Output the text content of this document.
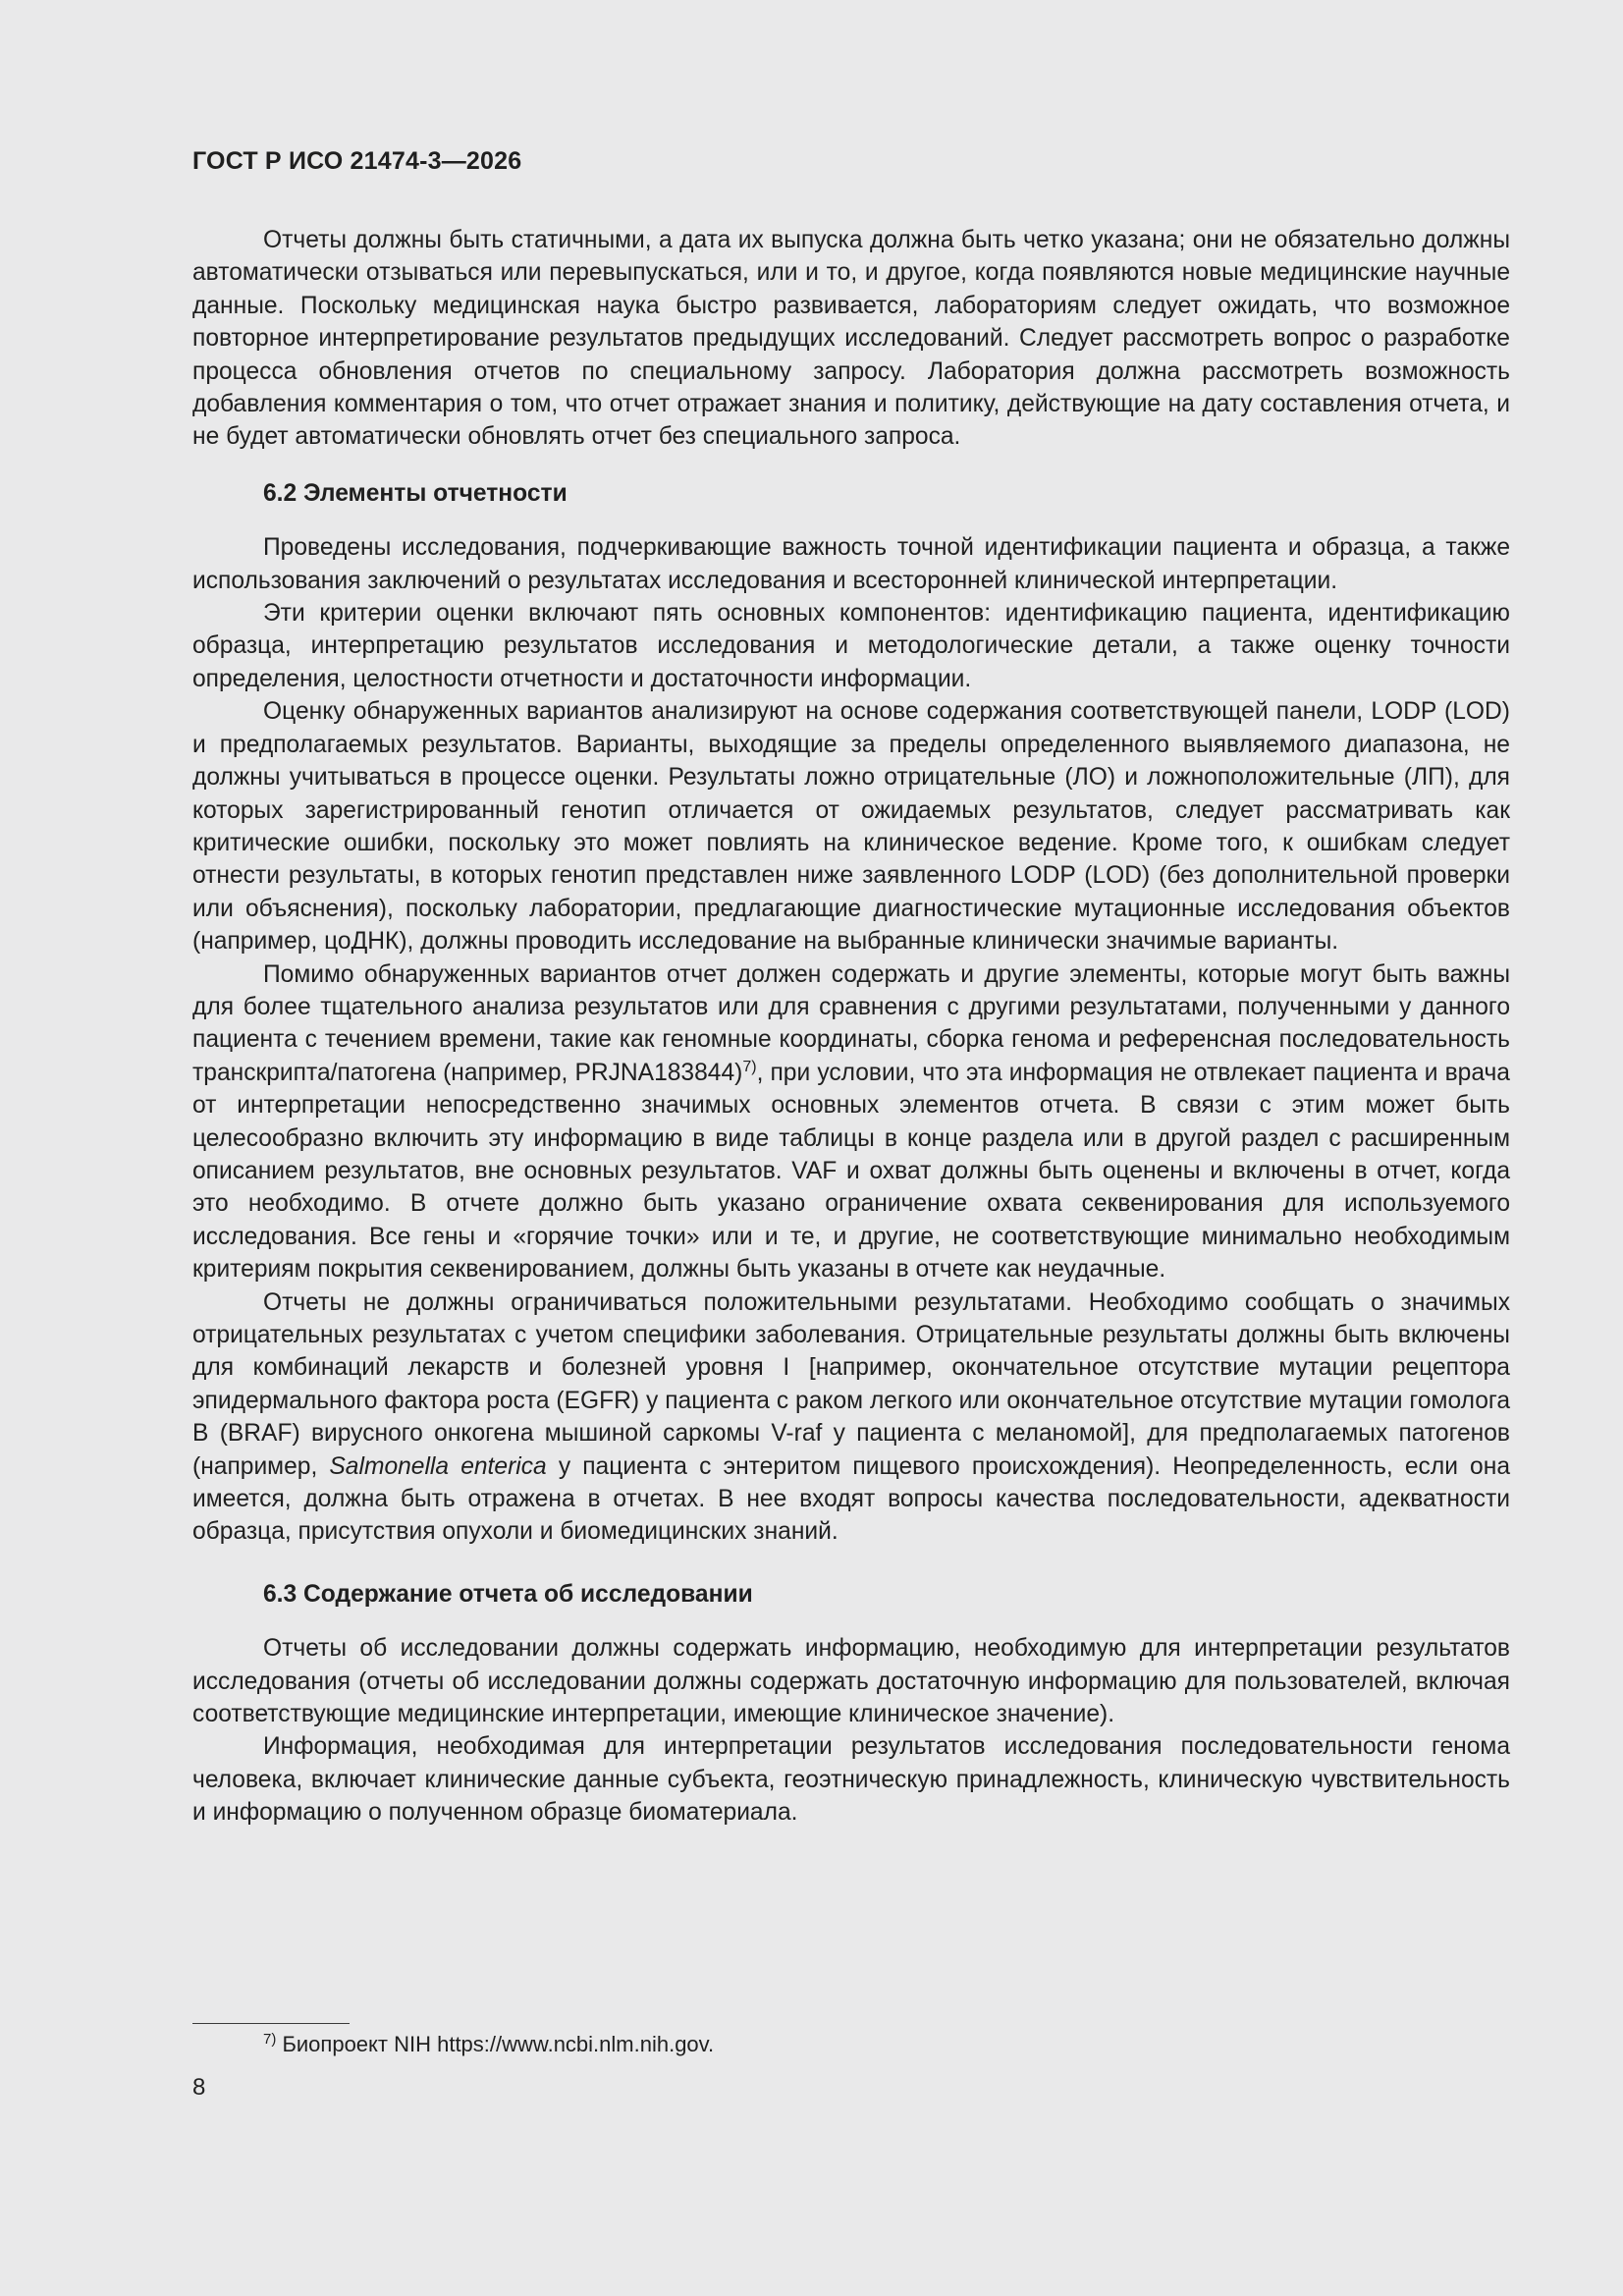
ГОСТ Р ИСО 21474-3—2026

Отчеты должны быть статичными, а дата их выпуска должна быть четко указана; они не обязательно должны автоматически отзываться или перевыпускаться, или и то, и другое, когда появляются новые медицинские научные данные. Поскольку медицинская наука быстро развивается, лабораториям следует ожидать, что возможное повторное интерпретирование результатов предыдущих исследований. Следует рассмотреть вопрос о разработке процесса обновления отчетов по специальному запросу. Лаборатория должна рассмотреть возможность добавления комментария о том, что отчет отражает знания и политику, действующие на дату составления отчета, и не будет автоматически обновлять отчет без специального запроса.

6.2 Элементы отчетности

Проведены исследования, подчеркивающие важность точной идентификации пациента и образца, а также использования заключений о результатах исследования и всесторонней клинической интерпретации.

Эти критерии оценки включают пять основных компонентов: идентификацию пациента, идентификацию образца, интерпретацию результатов исследования и методологические детали, а также оценку точности определения, целостности отчетности и достаточности информации.

Оценку обнаруженных вариантов анализируют на основе содержания соответствующей панели, LODP (LOD) и предполагаемых результатов. Варианты, выходящие за пределы определенного выявляемого диапазона, не должны учитываться в процессе оценки. Результаты ложно отрицательные (ЛО) и ложноположительные (ЛП), для которых зарегистрированный генотип отличается от ожидаемых результатов, следует рассматривать как критические ошибки, поскольку это может повлиять на клиническое ведение. Кроме того, к ошибкам следует отнести результаты, в которых генотип представлен ниже заявленного LODP (LOD) (без дополнительной проверки или объяснения), поскольку лаборатории, предлагающие диагностические мутационные исследования объектов (например, цоДНК), должны проводить исследование на выбранные клинически значимые варианты.

Помимо обнаруженных вариантов отчет должен содержать и другие элементы, которые могут быть важны для более тщательного анализа результатов или для сравнения с другими результатами, полученными у данного пациента с течением времени, такие как геномные координаты, сборка генома и референсная последовательность транскрипта/патогена (например, PRJNA183844)$^{7)}$, при условии, что эта информация не отвлекает пациента и врача от интерпретации непосредственно значимых основных элементов отчета. В связи с этим может быть целесообразно включить эту информацию в виде таблицы в конце раздела или в другой раздел с расширенным описанием результатов, вне основных результатов. VAF и охват должны быть оценены и включены в отчет, когда это необходимо. В отчете должно быть указано ограничение охвата секвенирования для используемого исследования. Все гены и «горячие точки» или и те, и другие, не соответствующие минимально необходимым критериям покрытия секвенированием, должны быть указаны в отчете как неудачные.

Отчеты не должны ограничиваться положительными результатами. Необходимо сообщать о значимых отрицательных результатах с учетом специфики заболевания. Отрицательные результаты должны быть включены для комбинаций лекарств и болезней уровня I [например, окончательное отсутствие мутации рецептора эпидермального фактора роста (EGFR) у пациента с раком легкого или окончательное отсутствие мутации гомолога B (BRAF) вирусного онкогена мышиной саркомы V-raf у пациента с меланомой], для предполагаемых патогенов (например, Salmonella enterica у пациента с энтеритом пищевого происхождения). Неопределенность, если она имеется, должна быть отражена в отчетах. В нее входят вопросы качества последовательности, адекватности образца, присутствия опухоли и биомедицинских знаний.

6.3 Содержание отчета об исследовании

Отчеты об исследовании должны содержать информацию, необходимую для интерпретации результатов исследования (отчеты об исследовании должны содержать достаточную информацию для пользователей, включая соответствующие медицинские интерпретации, имеющие клиническое значение).

Информация, необходимая для интерпретации результатов исследования последовательности генома человека, включает клинические данные субъекта, геоэтническую принадлежность, клиническую чувствительность и информацию о полученном образце биоматериала.

$^{7)}$ Биопроект NIH https://www.ncbi.nlm.nih.gov.
8
